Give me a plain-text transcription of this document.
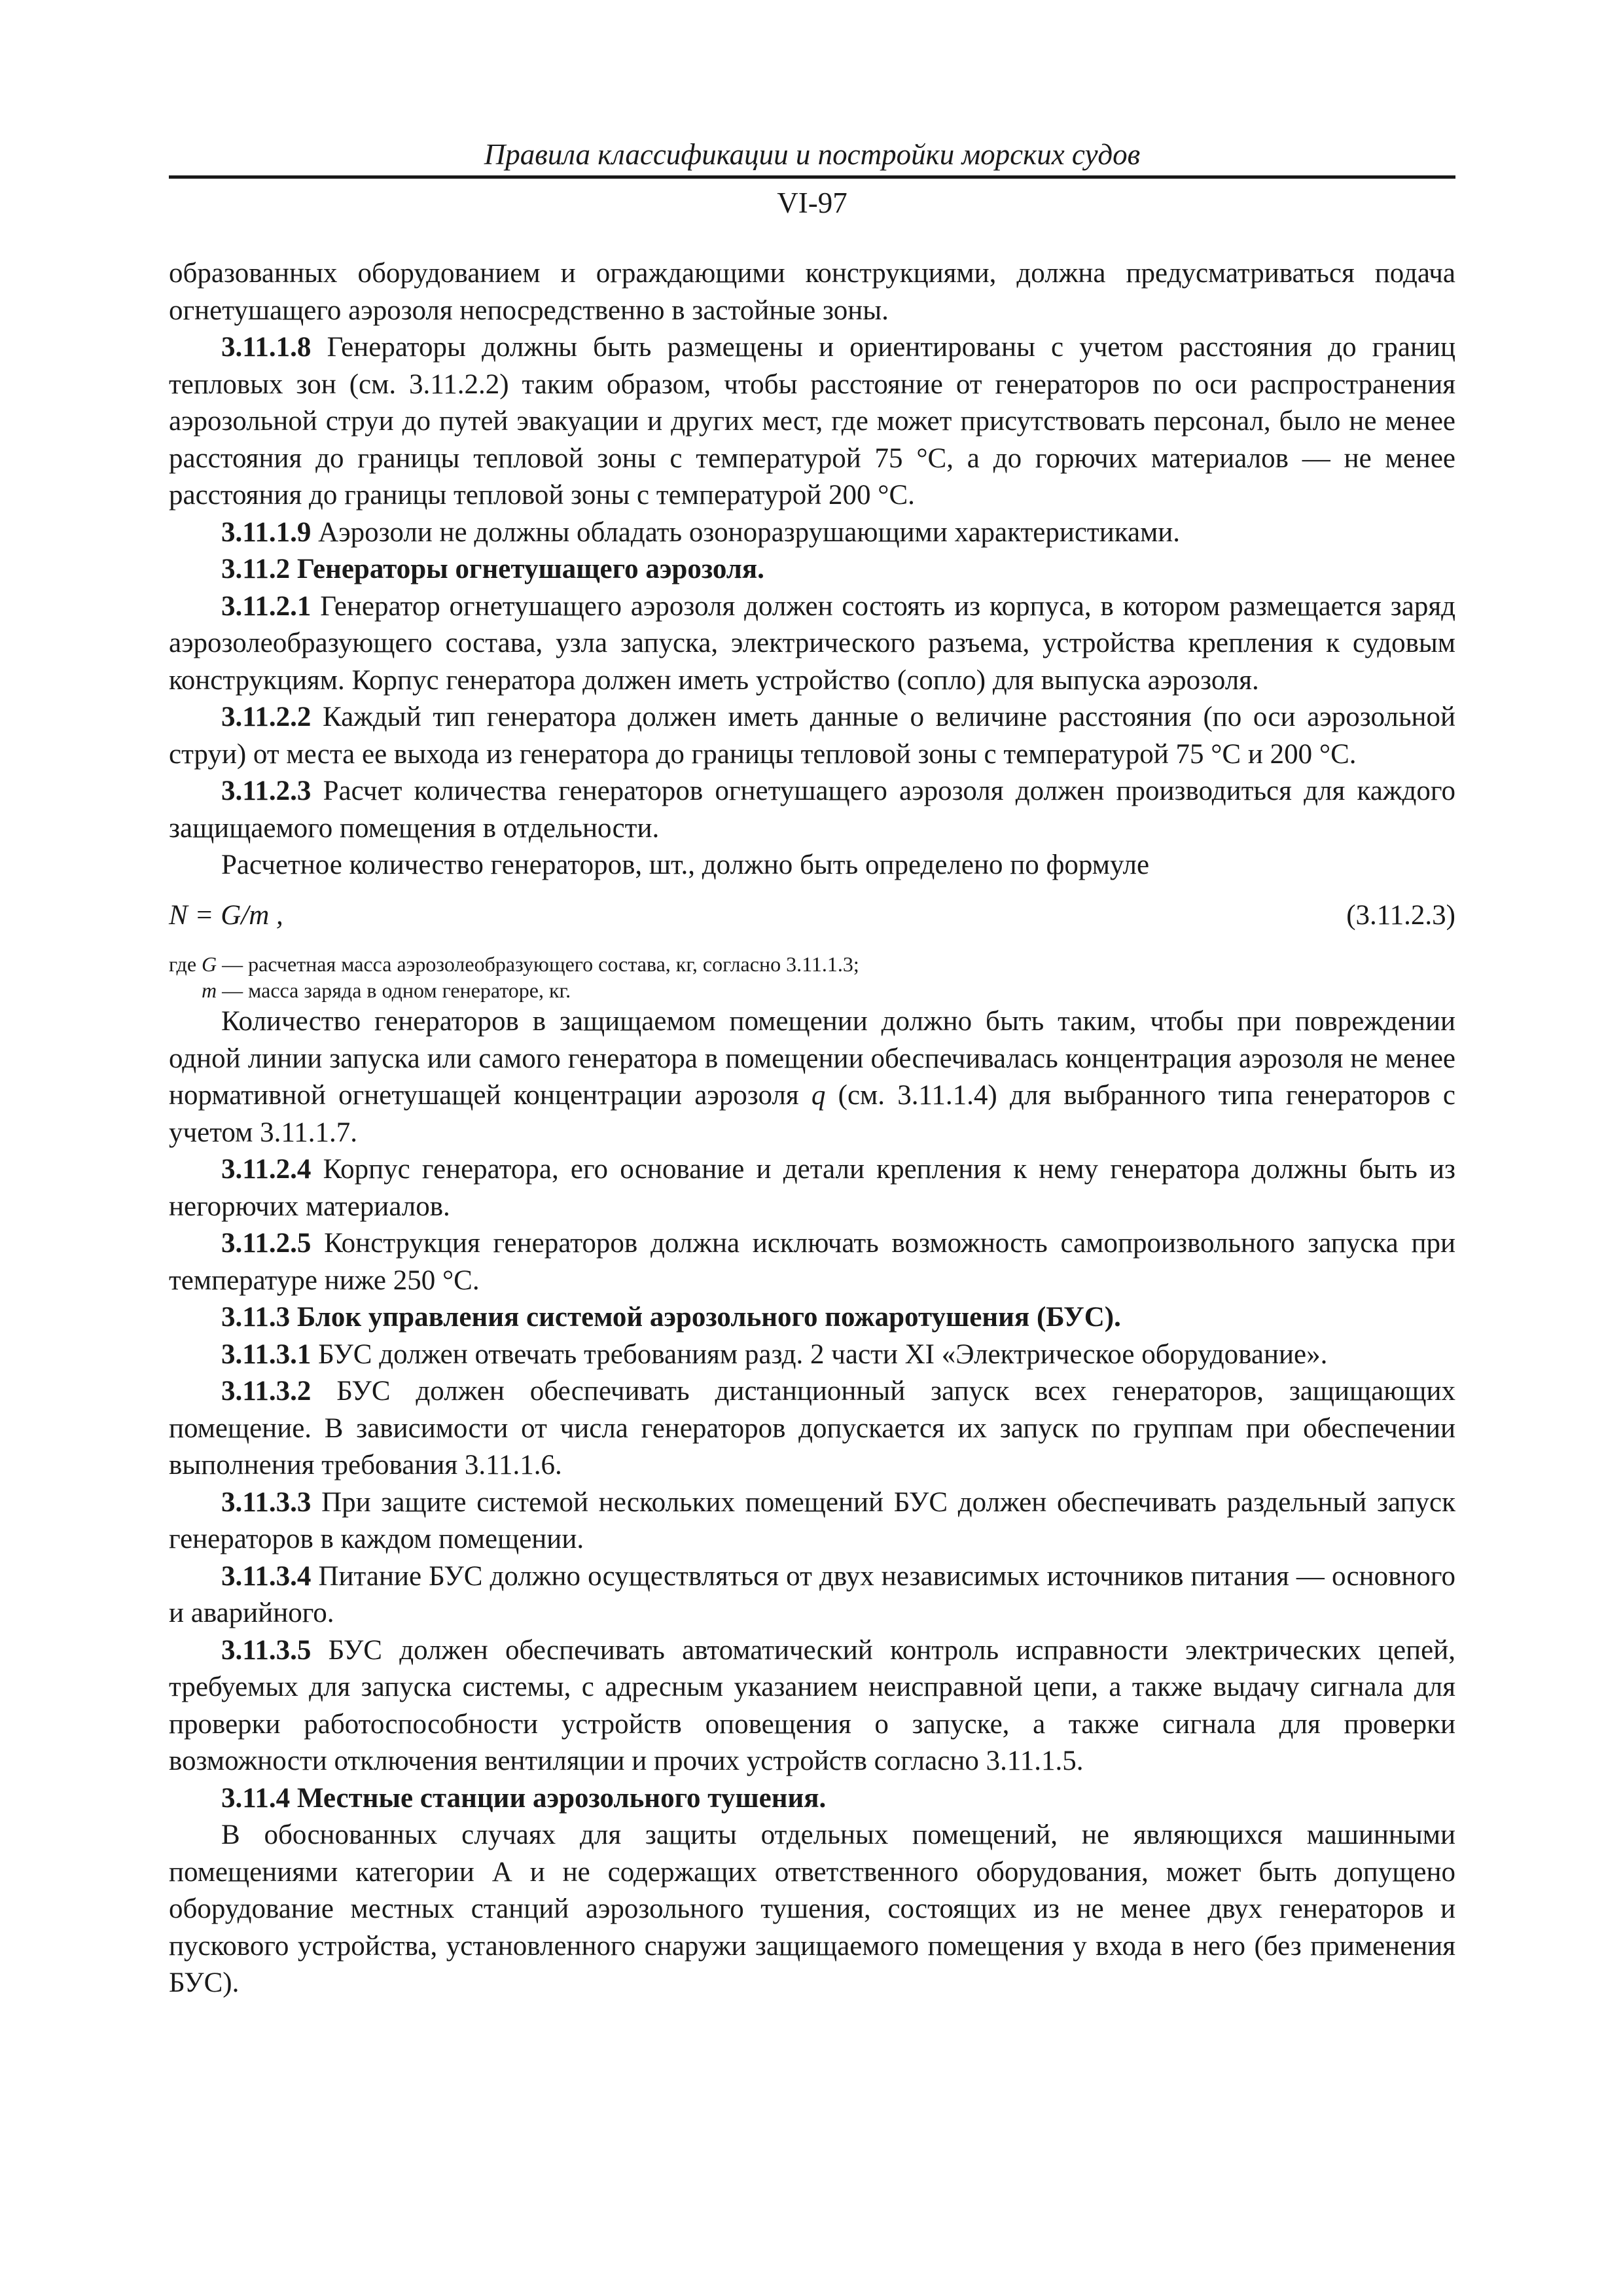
Правила классификации и постройки морских судов
VI-97

образованных оборудованием и ограждающими конструкциями, должна предусматриваться подача огнетушащего аэрозоля непосредственно в застойные зоны.

3.11.1.8 Генераторы должны быть размещены и ориентированы с учетом расстояния до границ тепловых зон (см. 3.11.2.2) таким образом, чтобы расстояние от генераторов по оси распространения аэрозольной струи до путей эвакуации и других мест, где может присутствовать персонал, было не менее расстояния до границы тепловой зоны с температурой 75 °С, а до горючих материалов — не менее расстояния до границы тепловой зоны с температурой 200 °С.

3.11.1.9 Аэрозоли не должны обладать озоноразрушающими характеристиками.

3.11.2 Генераторы огнетушащего аэрозоля.

3.11.2.1 Генератор огнетушащего аэрозоля должен состоять из корпуса, в котором размещается заряд аэрозолеобразующего состава, узла запуска, электрического разъема, устройства крепления к судовым конструкциям. Корпус генератора должен иметь устройство (сопло) для выпуска аэрозоля.

3.11.2.2 Каждый тип генератора должен иметь данные о величине расстояния (по оси аэрозольной струи) от места ее выхода из генератора до границы тепловой зоны с температурой 75 °С и 200 °С.

3.11.2.3 Расчет количества генераторов огнетушащего аэрозоля должен производиться для каждого защищаемого помещения в отдельности.

Расчетное количество генераторов, шт., должно быть определено по формуле

N = G/m ,	(3.11.2.3)
где G — расчетная масса аэрозолеобразующего состава, кг, согласно 3.11.1.3;
m — масса заряда в одном генераторе, кг.

Количество генераторов в защищаемом помещении должно быть таким, чтобы при повреждении одной линии запуска или самого генератора в помещении обеспечивалась концентрация аэрозоля не менее нормативной огнетушащей концентрации аэрозоля q (см. 3.11.1.4) для выбранного типа генераторов с учетом 3.11.1.7.

3.11.2.4 Корпус генератора, его основание и детали крепления к нему генератора должны быть из негорючих материалов.

3.11.2.5 Конструкция генераторов должна исключать возможность самопроизвольного запуска при температуре ниже 250 °С.

3.11.3 Блок управления системой аэрозольного пожаротушения (БУС).

3.11.3.1 БУС должен отвечать требованиям разд. 2 части XI «Электрическое оборудование».

3.11.3.2 БУС должен обеспечивать дистанционный запуск всех генераторов, защищающих помещение. В зависимости от числа генераторов допускается их запуск по группам при обеспечении выполнения требования 3.11.1.6.

3.11.3.3 При защите системой нескольких помещений БУС должен обеспечивать раздельный запуск генераторов в каждом помещении.

3.11.3.4 Питание БУС должно осуществляться от двух независимых источников питания — основного и аварийного.

3.11.3.5 БУС должен обеспечивать автоматический контроль исправности электрических цепей, требуемых для запуска системы, с адресным указанием неисправной цепи, а также выдачу сигнала для проверки работоспособности устройств оповещения о запуске, а также сигнала для проверки возможности отключения вентиляции и прочих устройств согласно 3.11.1.5.

3.11.4 Местные станции аэрозольного тушения.

В обоснованных случаях для защиты отдельных помещений, не являющихся машинными помещениями категории А и не содержащих ответственного оборудования, может быть допущено оборудование местных станций аэрозольного тушения, состоящих из не менее двух генераторов и пускового устройства, установленного снаружи защищаемого помещения у входа в него (без применения БУС).
